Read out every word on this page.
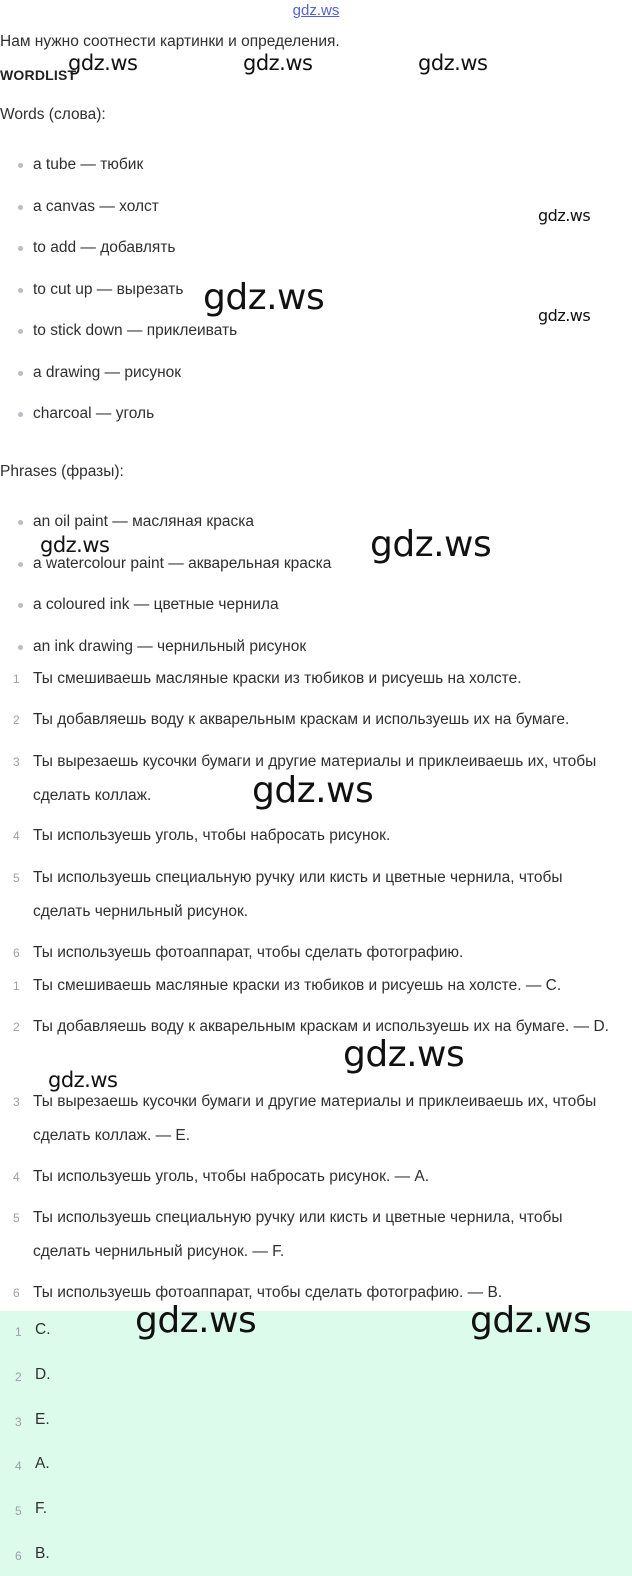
gdz.ws
Нам нужно соотнести картинки и определения.
WORDLIST
Words (слова):
a tube — тюбик
a canvas — холст
to add — добавлять
to cut up — вырезать
to stick down — приклеивать
a drawing — рисунок
charcoal — уголь
Phrases (фразы):
an oil paint — масляная краска
a watercolour paint — акварельная краска
a coloured ink — цветные чернила
an ink drawing — чернильный рисунок
1 Ты смешиваешь масляные краски из тюбиков и рисуешь на холсте.
2 Ты добавляешь воду к акварельным краскам и используешь их на бумаге.
3 Ты вырезаешь кусочки бумаги и другие материалы и приклеиваешь их, чтобы сделать коллаж.
4 Ты используешь уголь, чтобы набросать рисунок.
5 Ты используешь специальную ручку или кисть и цветные чернила, чтобы сделать чернильный рисунок.
6 Ты используешь фотоаппарат, чтобы сделать фотографию.
1 Ты смешиваешь масляные краски из тюбиков и рисуешь на холсте. — C.
2 Ты добавляешь воду к акварельным краскам и используешь их на бумаге. — D.
3 Ты вырезаешь кусочки бумаги и другие материалы и приклеиваешь их, чтобы сделать коллаж. — E.
4 Ты используешь уголь, чтобы набросать рисунок. — A.
5 Ты используешь специальную ручку или кисть и цветные чернила, чтобы сделать чернильный рисунок. — F.
6 Ты используешь фотоаппарат, чтобы сделать фотографию. — B.
1 C.
2 D.
3 E.
4 A.
5 F.
6 B.
gdz.ws	gdz.ws	gdz.ws
gdz.ws
gdz.ws	gdz.ws
gdz.ws	gdz.ws
gdz.ws
gdz.ws
gdz.ws
gdz.ws	gdz.ws
